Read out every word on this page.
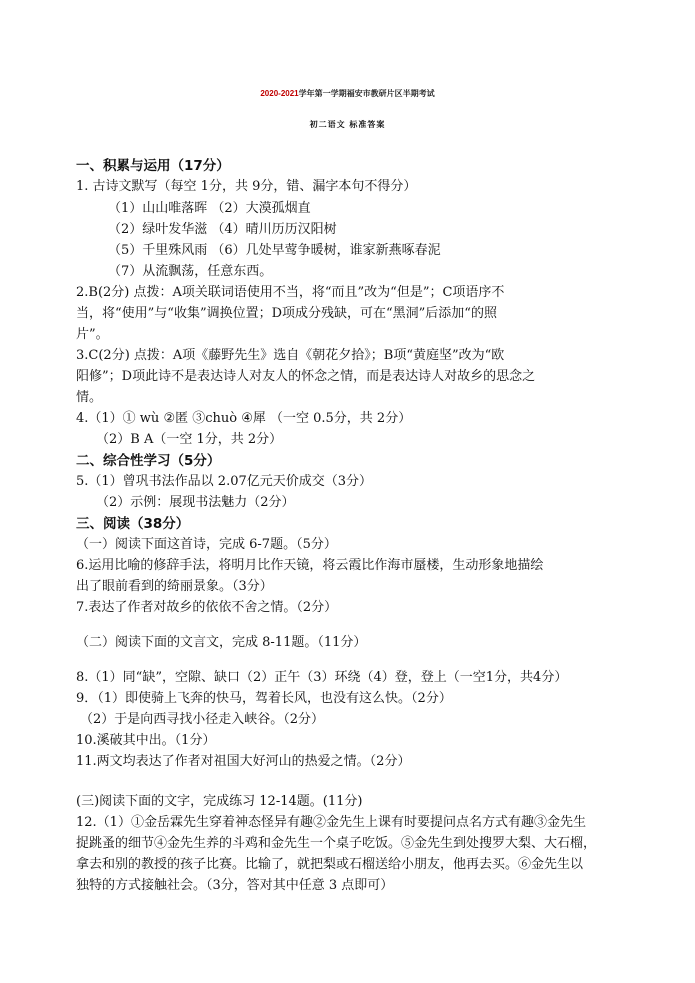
2020-2021学年第一学期福安市教研片区半期考试
初二语文 标准答案
一、积累与运用（17分）
1. 古诗文默写（每空 1分，共 9分，错、漏字本句不得分）
（1）山山唯落晖 （2）大漠孤烟直
（2）绿叶发华滋 （4）晴川历历汉阳树
（5）千里殊风雨 （6）几处早莺争暖树，谁家新燕啄春泥
（7）从流飘荡，任意东西。
2.B(2分) 点拨：A项关联词语使用不当，将“而且”改为“但是”；C项语序不
当，将“使用”与“收集”调换位置；D项成分残缺，可在“黑洞”后添加“的照
片”。
3.C(2分) 点拨：A项《藤野先生》选自《朝花夕拾》；B项“黄庭坚”改为“欧
阳修”；D项此诗不是表达诗人对友人的怀念之情，而是表达诗人对故乡的思念之
情。
4.（1）① wù ②匿 ③chuò ④犀 （一空 0.5分，共 2分）
（2）B A（一空 1分，共 2分）
二、综合性学习（5分）
5.（1）曾巩书法作品以 2.07亿元天价成交（3分）
（2）示例：展现书法魅力（2分）
三、阅读（38分）
（一）阅读下面这首诗，完成 6-7题。（5分）
6.运用比喻的修辞手法，将明月比作天镜，将云霞比作海市蜃楼，生动形象地描绘
出了眼前看到的绮丽景象。（3分）
7.表达了作者对故乡的依依不舍之情。（2分）
（二）阅读下面的文言文，完成 8-11题。（11分）
8.（1）同“缺”，空隙、缺口（2）正午（3）环绕（4）登，登上（一空1分，共4分）
9．（1）即使骑上飞奔的快马，驾着长风，也没有这么快。（2分）
（2）于是向西寻找小径走入峡谷。（2分）
10.溪破其中出。（1分）
11.两文均表达了作者对祖国大好河山的热爱之情。（2分）
(三)阅读下面的文字，完成练习 12-14题。(11分)
12.（1）①金岳霖先生穿着神态怪异有趣②金先生上课有时要提问点名方式有趣③金先生
捉跳蚤的细节④金先生养的斗鸡和金先生一个桌子吃饭。⑤金先生到处搜罗大梨、大石榴，
拿去和别的教授的孩子比赛。比输了，就把梨或石榴送给小朋友，他再去买。⑥金先生以
独特的方式接触社会。（3分，答对其中任意 3 点即可）
